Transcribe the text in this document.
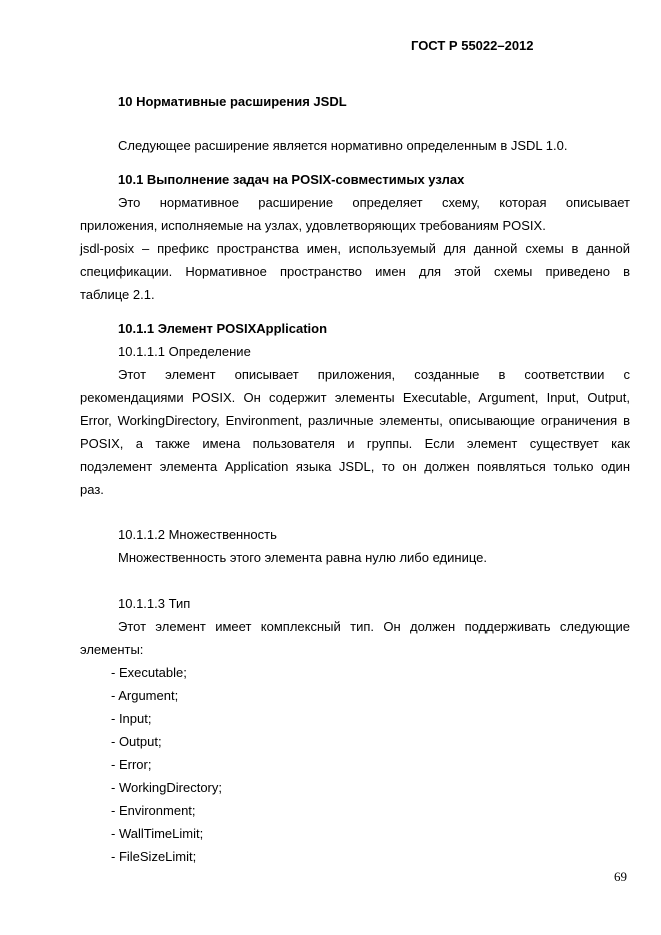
ГОСТ Р 55022–2012
10 Нормативные расширения JSDL
Следующее расширение является нормативно определенным в JSDL 1.0.
10.1 Выполнение задач на POSIX-совместимых узлах
Это нормативное расширение определяет схему, которая описывает
приложения, исполняемые на узлах, удовлетворяющих требованиям POSIX.
jsdl-posix – префикс пространства имен, используемый для данной схемы в данной
спецификации. Нормативное пространство имен для этой схемы приведено в
таблице 2.1.
10.1.1 Элемент POSIXApplication
10.1.1.1 Определение
Этот элемент описывает приложения, созданные в соответствии с
рекомендациями POSIX. Он содержит элементы Executable, Argument, Input, Output,
Error, WorkingDirectory, Environment, различные элементы, описывающие ограничения в
POSIX, а также имена пользователя и группы. Если элемент существует как
подэлемент элемента Application языка JSDL, то он должен появляться только один
раз.
10.1.1.2 Множественность
Множественность этого элемента равна нулю либо единице.
10.1.1.3 Тип
Этот элемент имеет комплексный тип. Он должен поддерживать следующие
элементы:
- Executable;
- Argument;
- Input;
- Output;
- Error;
- WorkingDirectory;
- Environment;
- WallTimeLimit;
- FileSizeLimit;
69
